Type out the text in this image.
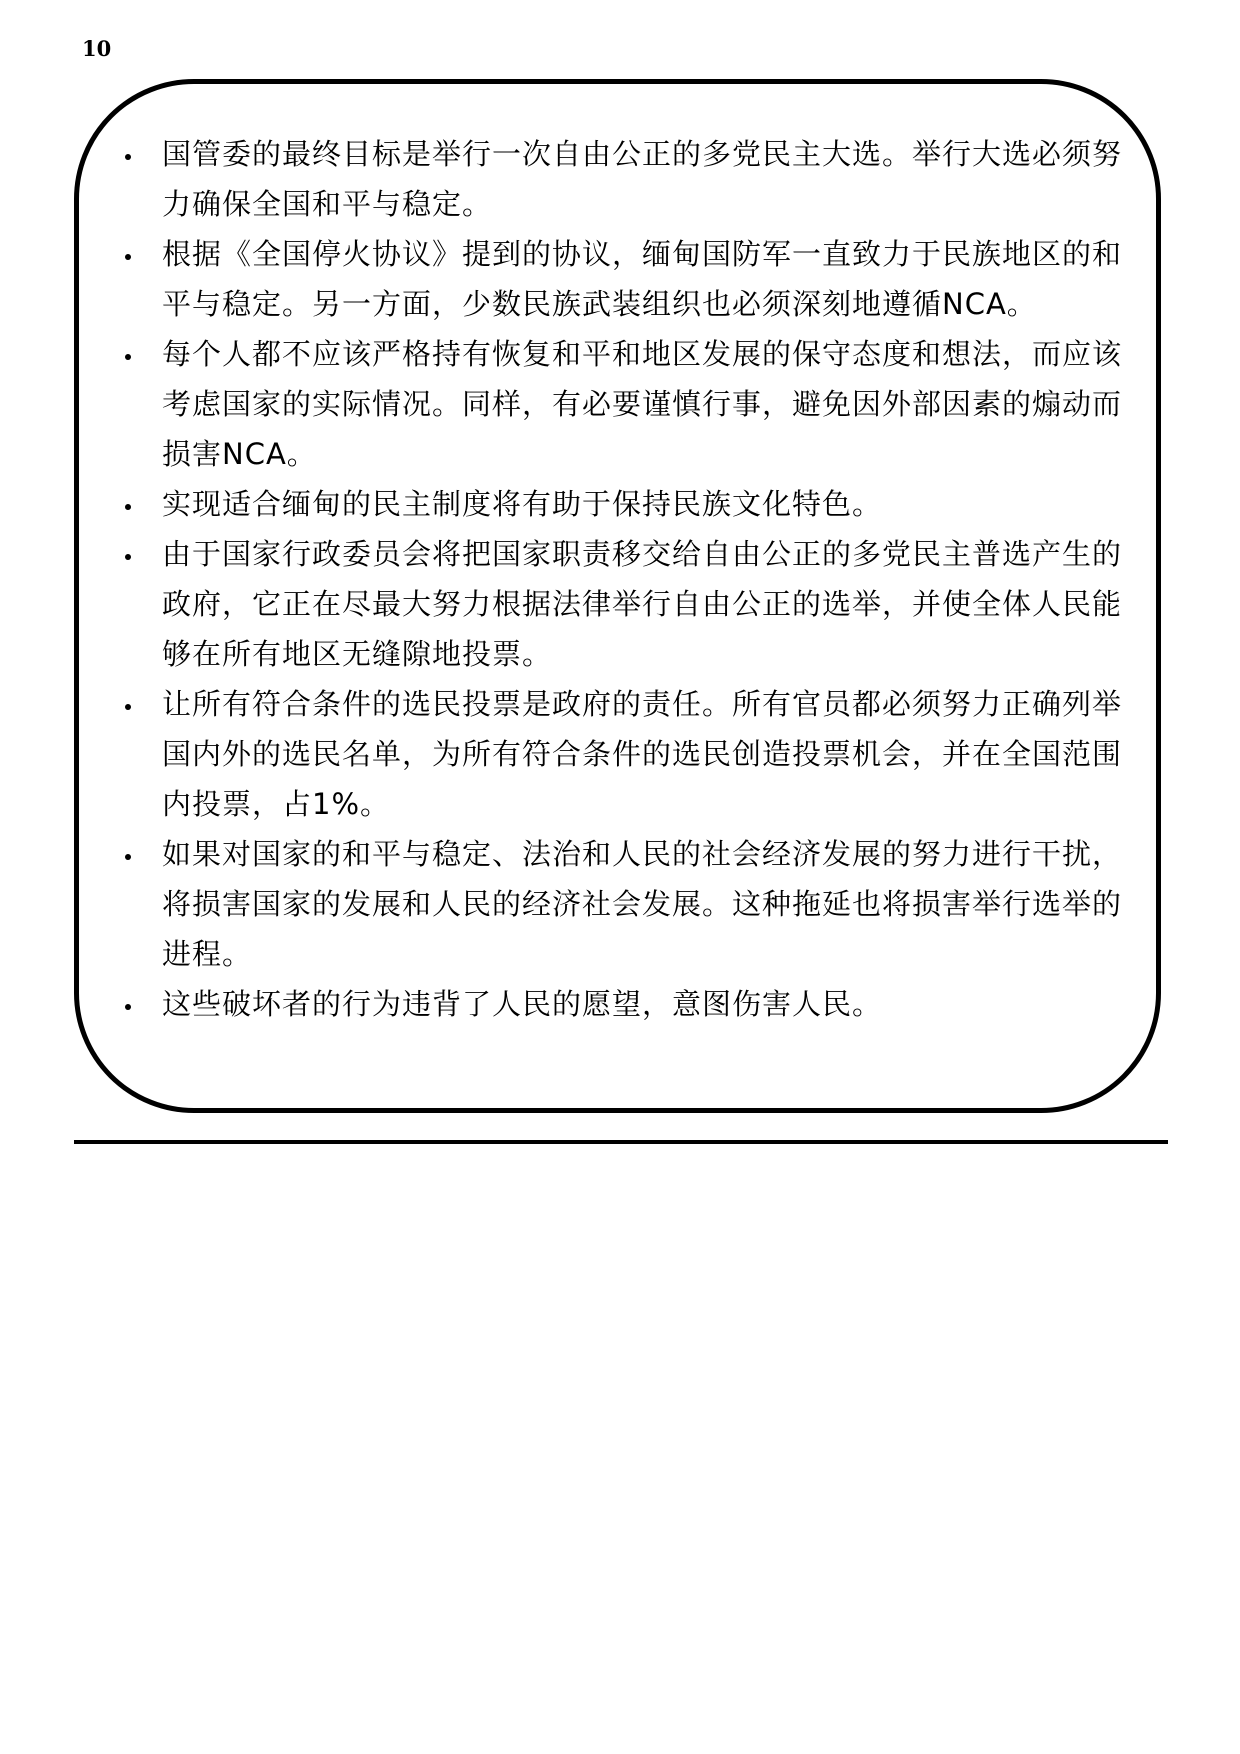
10
国管委的最终目标是举行一次自由公正的多党民主大选。举行大选必须努力确保全国和平与稳定。
根据《全国停火协议》提到的协议，缅甸国防军一直致力于民族地区的和平与稳定。另一方面，少数民族武装组织也必须深刻地遵循NCA。
每个人都不应该严格持有恢复和平和地区发展的保守态度和想法，而应该考虑国家的实际情况。同样，有必要谨慎行事，避免因外部因素的煽动而损害NCA。
实现适合缅甸的民主制度将有助于保持民族文化特色。
由于国家行政委员会将把国家职责移交给自由公正的多党民主普选产生的政府，它正在尽最大努力根据法律举行自由公正的选举，并使全体人民能够在所有地区无缝隙地投票。
让所有符合条件的选民投票是政府的责任。所有官员都必须努力正确列举国内外的选民名单，为所有符合条件的选民创造投票机会，并在全国范围内投票，占1%。
如果对国家的和平与稳定、法治和人民的社会经济发展的努力进行干扰，将损害国家的发展和人民的经济社会发展。这种拖延也将损害举行选举的进程。
这些破坏者的行为违背了人民的愿望，意图伤害人民。
